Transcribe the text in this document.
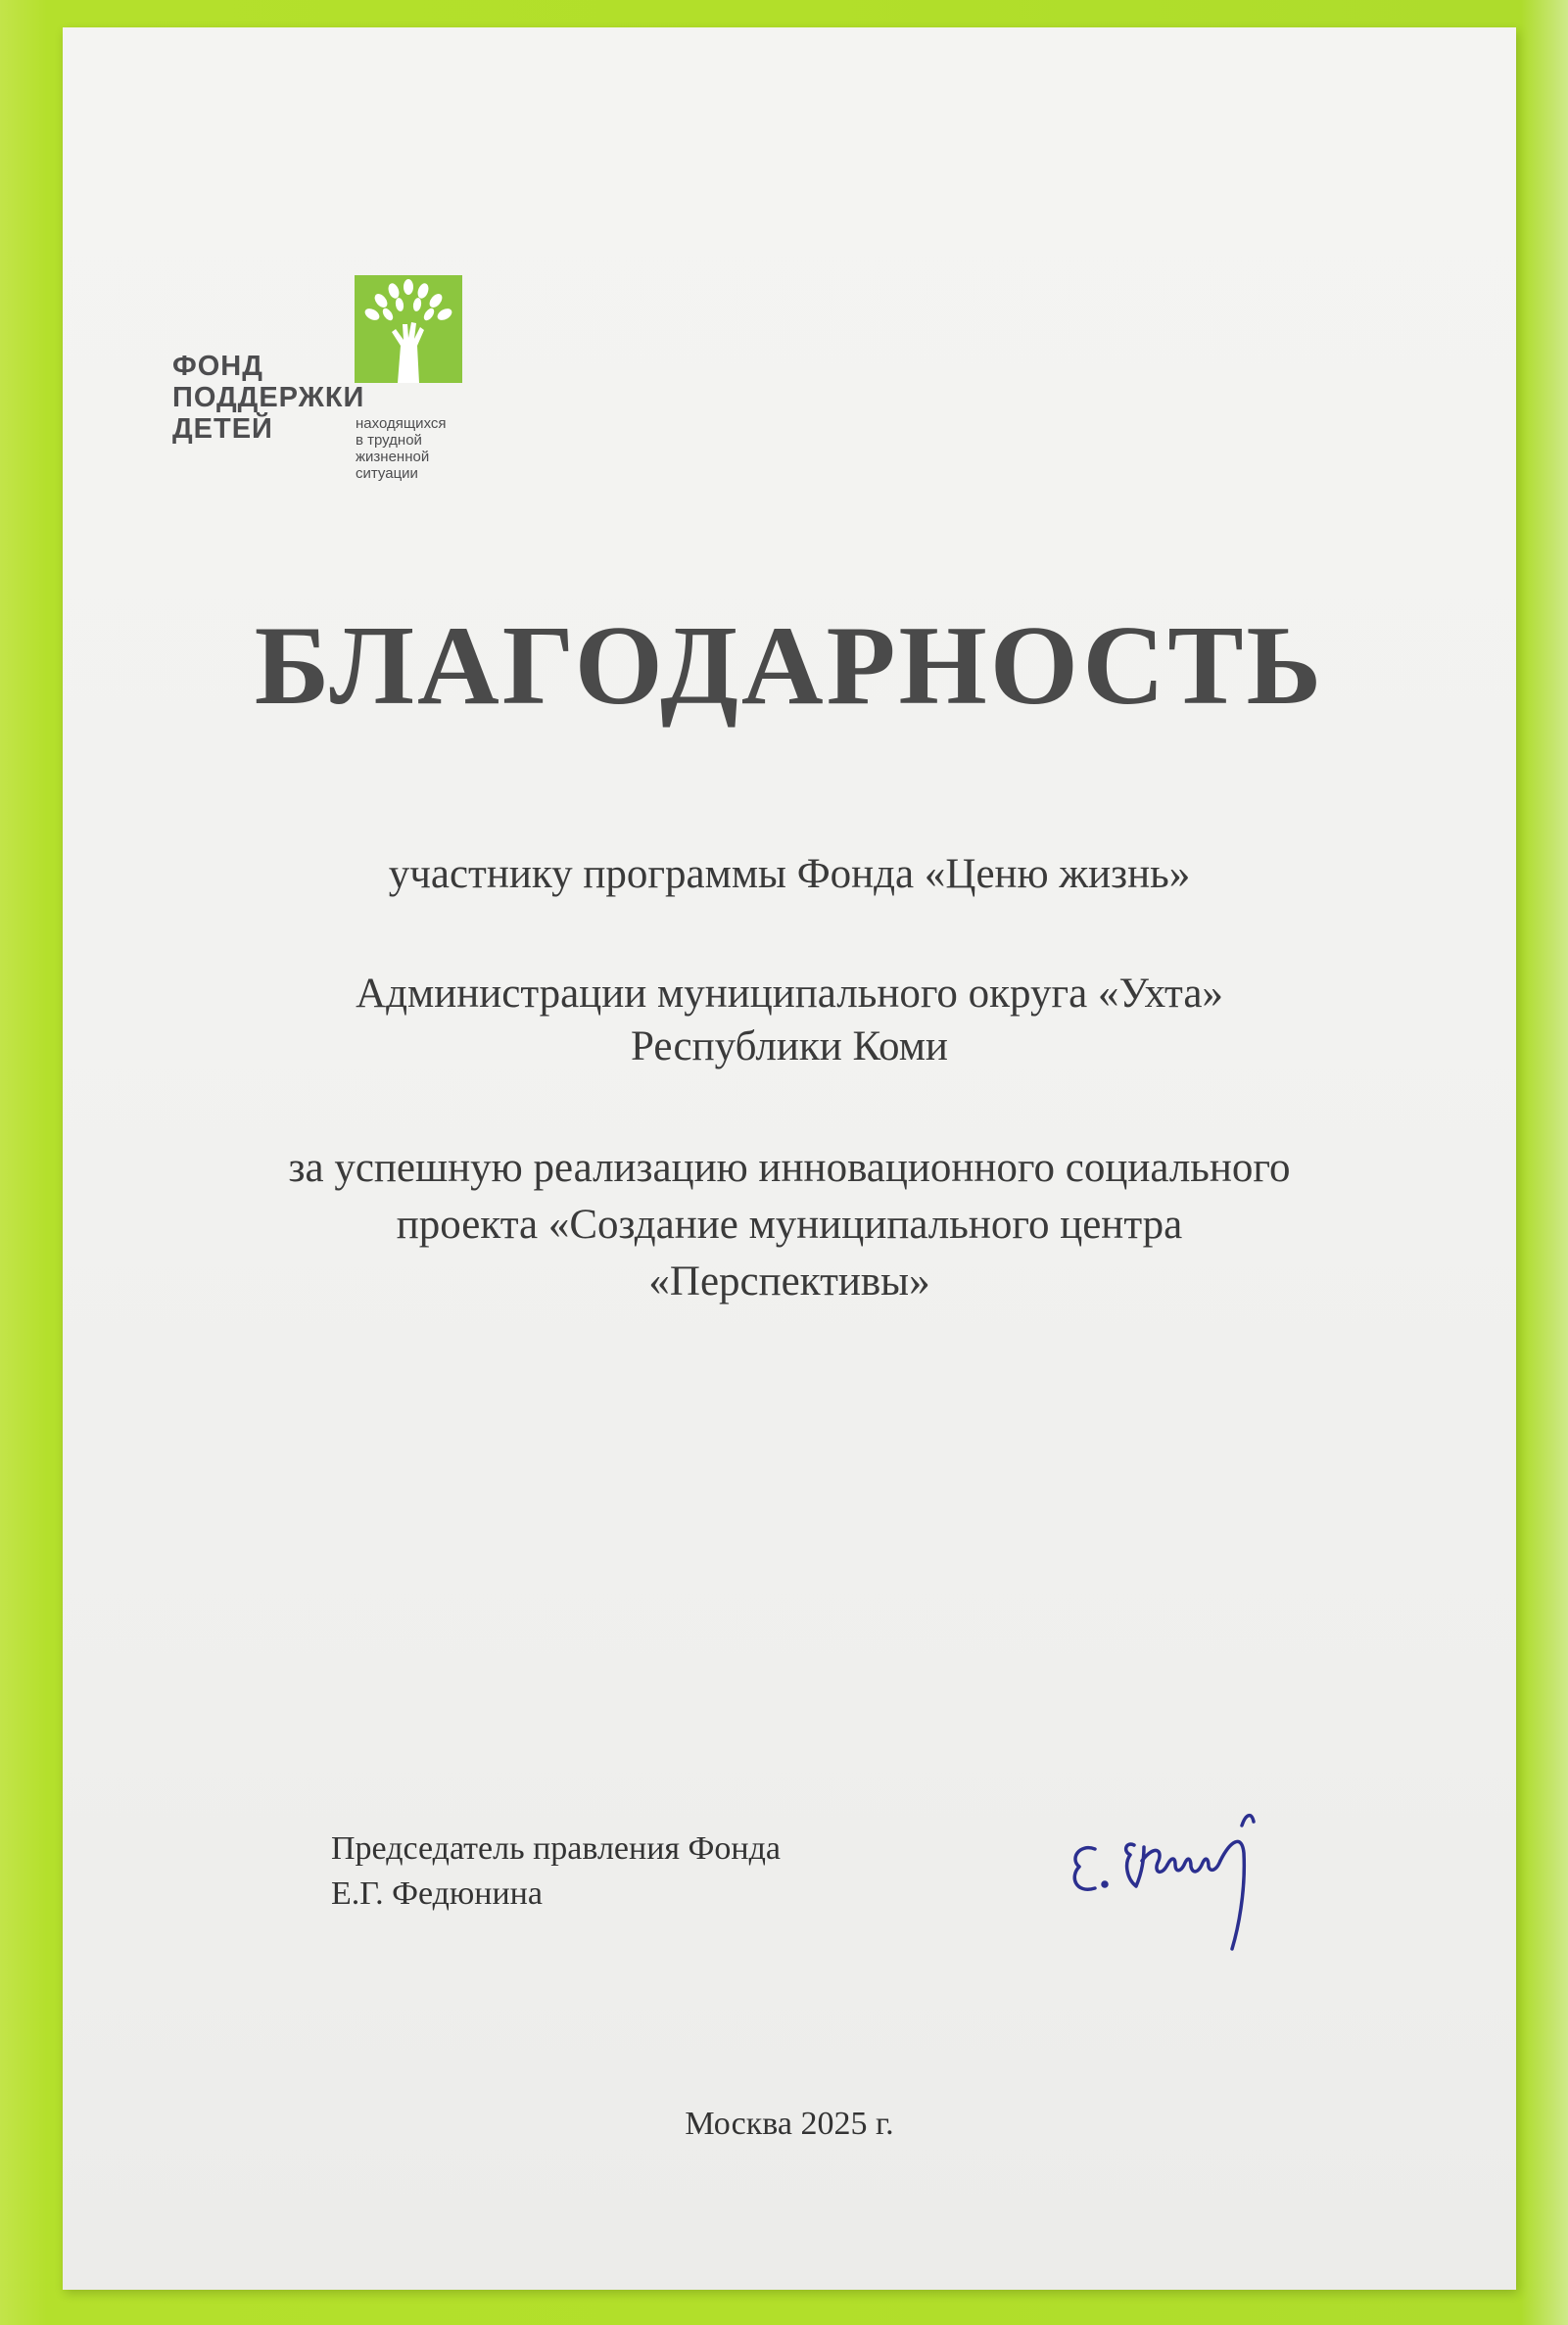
ФОНД
ПОДДЕРЖКИ
ДЕТЕЙ	находящихся
в трудной
жизненной
ситуации
БЛАГОДАРНОСТЬ
участнику программы Фонда «Ценю жизнь»
Администрации муниципального округа «Ухта»
Республики Коми
за успешную реализацию инновационного социального
проекта «Создание муниципального центра
«Перспективы»
Председатель правления Фонда
Е.Г. Федюнина
Москва 2025 г.
